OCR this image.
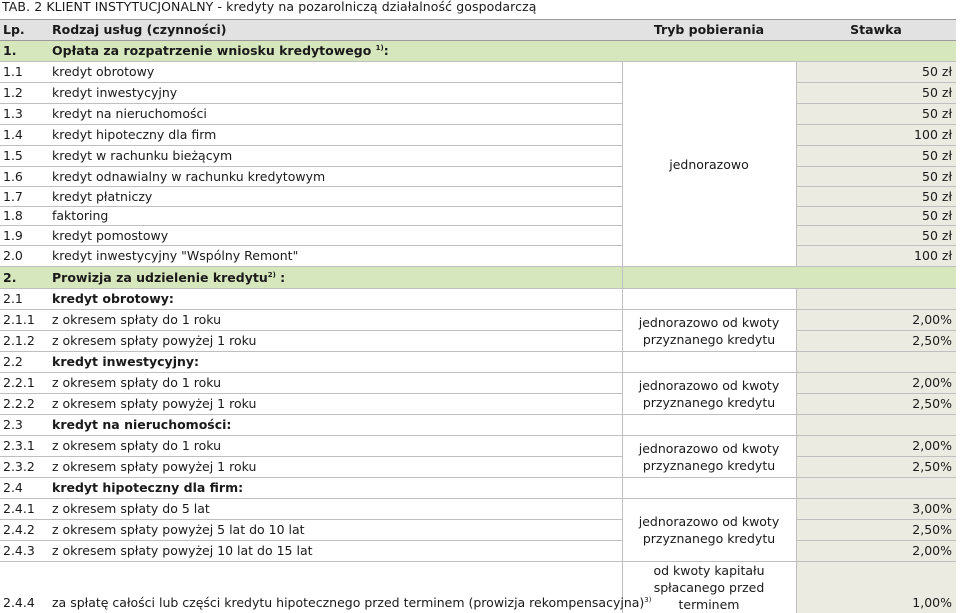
TAB. 2 KLIENT INSTYTUCJONALNY - kredyty na pozarolniczą działalność gospodarczą
Lp.	Rodzaj usług (czynności)	Tryb pobierania	Stawka
1.	Opłata za rozpatrzenie wniosku kredytowego $^{1)}$:		
1.1	kredyt obrotowy	jednorazowo	50 zł
1.2	kredyt inwestycyjny		50 zł
1.3	kredyt na nieruchomości		50 zł
1.4	kredyt hipoteczny dla firm		100 zł
1.5	kredyt w rachunku bieżącym		50 zł
1.6	kredyt odnawialny w rachunku kredytowym		50 zł
1.7	kredyt płatniczy		50 zł
1.8	faktoring		50 zł
1.9	kredyt pomostowy		50 zł
2.0	kredyt inwestycyjny "Wspólny Remont"		100 zł
2.	Prowizja za udzielenie kredytu$^{2)}$ :		
2.1	kredyt obrotowy:		
2.1.1	z okresem spłaty do 1 roku	jednorazowo od kwoty przyznanego kredytu	2,00%
2.1.2	z okresem spłaty powyżej 1 roku		2,50%
2.2	kredyt inwestycyjny:		
2.2.1	z okresem spłaty do 1 roku	jednorazowo od kwoty przyznanego kredytu	2,00%
2.2.2	z okresem spłaty powyżej 1 roku		2,50%
2.3	kredyt na nieruchomości:		
2.3.1	z okresem spłaty do 1 roku	jednorazowo od kwoty przyznanego kredytu	2,00%
2.3.2	z okresem spłaty powyżej 1 roku		2,50%
2.4	kredyt hipoteczny dla firm:		
2.4.1	z okresem spłaty do 5 lat	jednorazowo od kwoty przyznanego kredytu	3,00%
2.4.2	z okresem spłaty powyżej 5 lat do 10 lat		2,50%
2.4.3	z okresem spłaty powyżej 10 lat do 15 lat		2,00%
2.4.4	za spłatę całości lub części kredytu hipotecznego przed terminem (prowizja rekompensacyjna)$^{3)}$	od kwoty kapitału spłacanego przed terminem	1,00%
